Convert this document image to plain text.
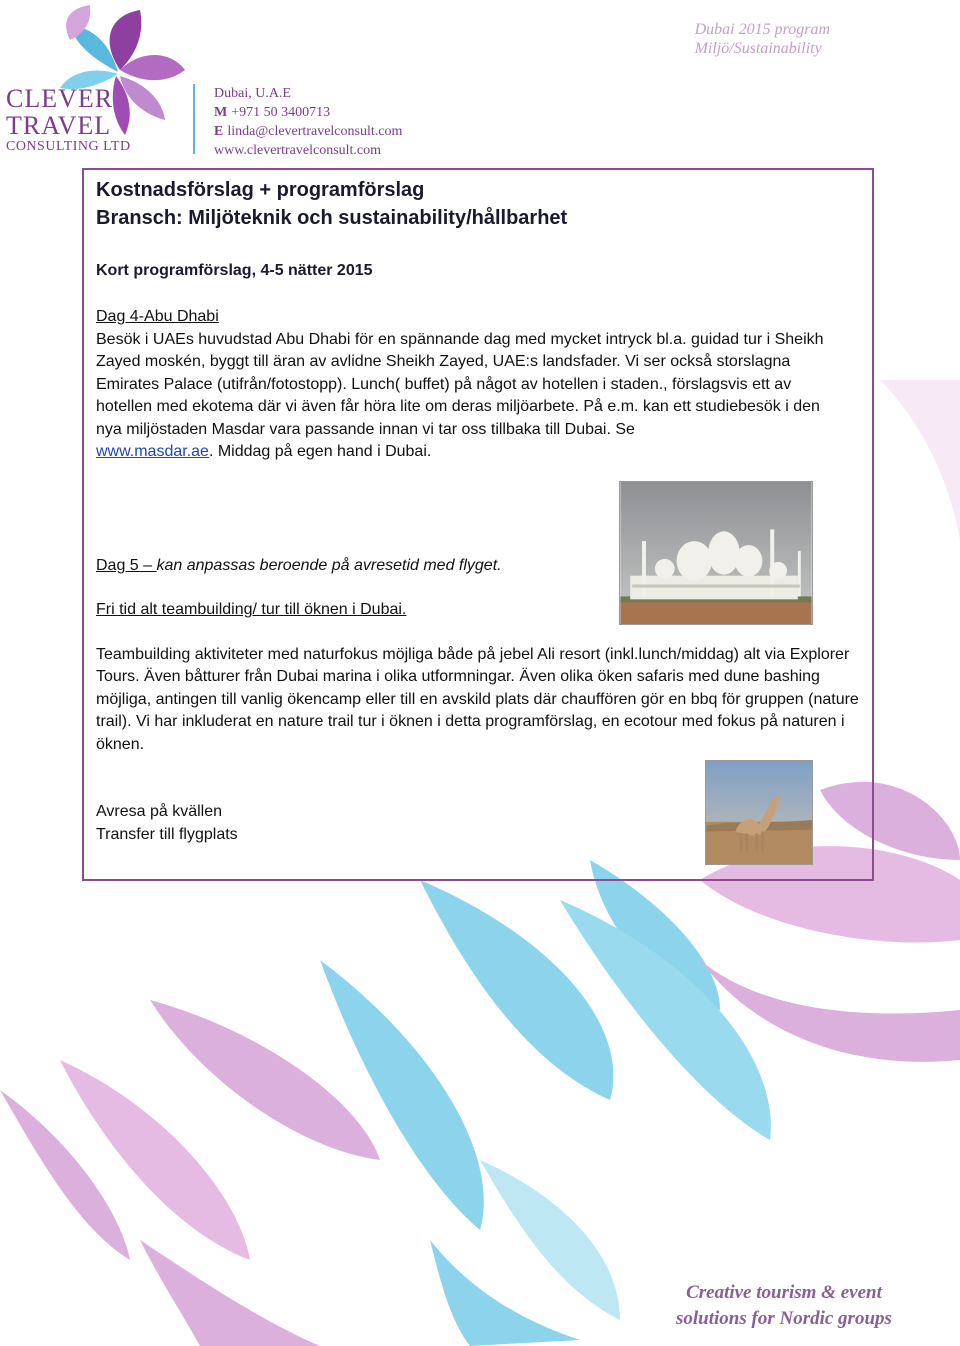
CLEVER
TRAVEL
CONSULTING LTD
Dubai, U.A.E
M +971 50 3400713
E linda@clevertravelconsult.com
www.clevertravelconsult.com
Dubai 2015 program
Miljö/Sustainability
Kostnadsförslag + programförslag
Bransch: Miljöteknik och sustainability/hållbarhet
Kort programförslag, 4-5 nätter 2015

Dag 4-Abu Dhabi

Besök i UAEs huvudstad Abu Dhabi för en spännande dag med mycket intryck bl.a. guidad tur i Sheikh Zayed moskén, byggt till äran av avlidne Sheikh Zayed, UAE:s landsfader. Vi ser också storslagna Emirates Palace (utifrån/fotostopp). Lunch( buffet) på något av hotellen i staden., förslagsvis ett av hotellen med ekotema där vi även får höra lite om deras miljöarbete. På e.m. kan ett studiebesök i den nya miljöstaden Masdar vara passande innan vi tar oss tillbaka till Dubai. Se
www.masdar.ae. Middag på egen hand i Dubai.

Dag 5 – kan anpassas beroende på avresetid med flyget.

Fri tid alt teambuilding/ tur till öknen i Dubai.

Teambuilding aktiviteter med naturfokus möjliga både på jebel Ali resort (inkl.lunch/middag) alt via Explorer Tours. Även båtturer från Dubai marina i olika utformningar. Även olika öken safaris med dune bashing möjliga, antingen till vanlig ökencamp eller till en avskild plats där chauffören gör en bbq för gruppen (nature trail). Vi har inkluderat en nature trail tur i öknen i detta programförslag, en ecotour med fokus på naturen i öknen.

Avresa på kvällen

Transfer till flygplats

Creative tourism & event
solutions for Nordic groups
